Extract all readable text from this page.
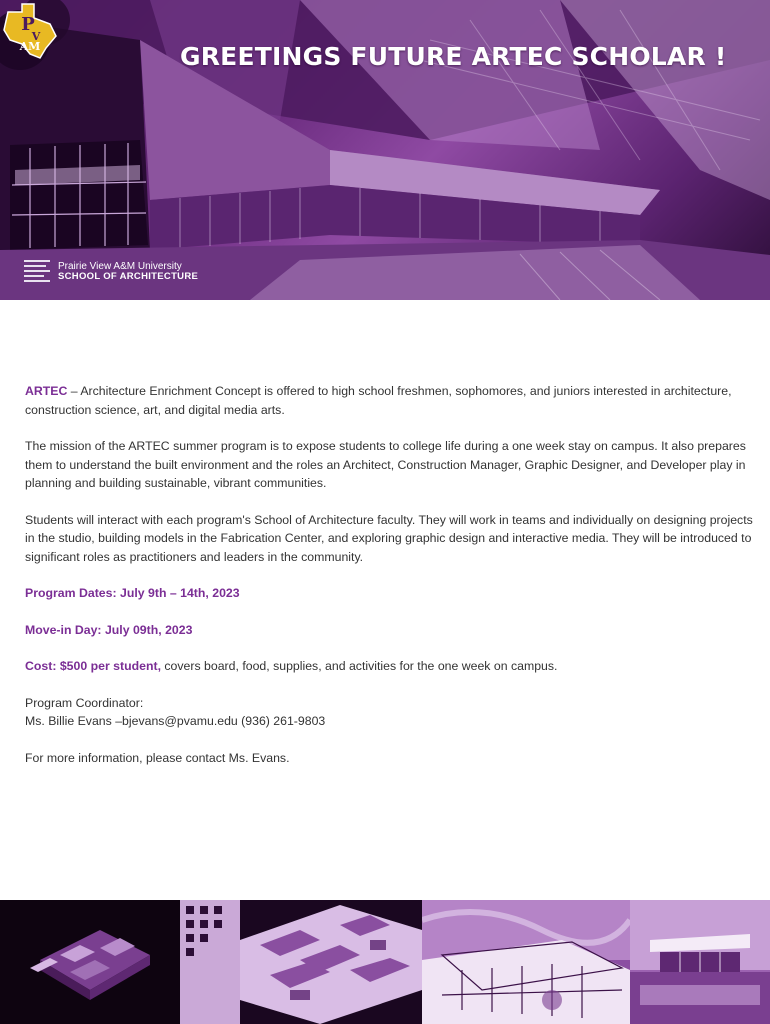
GREETINGS FUTURE ARTEC SCHOLAR !
Prairie View A&M University
SCHOOL OF ARCHITECTURE
P
V
AM

ARTEC – Architecture Enrichment Concept is offered to high school freshmen, sophomores, and juniors interested in architecture, construction science, art, and digital media arts.

The mission of the ARTEC summer program is to expose students to college life during a one week stay on campus. It also prepares them to understand the built environment and the roles an Architect, Construction Manager, Graphic Designer, and Developer play in planning and building sustainable, vibrant communities.

Students will interact with each program's School of Architecture faculty. They will work in teams and individually on designing projects in the studio, building models in the Fabrication Center, and exploring graphic design and interactive media. They will be introduced to significant roles as practitioners and leaders in the community.

Program Dates: July 9th – 14th, 2023

Move-in Day: July 09th, 2023

Cost: $500 per student, covers board, food, supplies, and activities for the one week on campus.

Program Coordinator:

Ms. Billie Evans –bjevans@pvamu.edu (936) 261-9803

For more information, please contact Ms. Evans.
